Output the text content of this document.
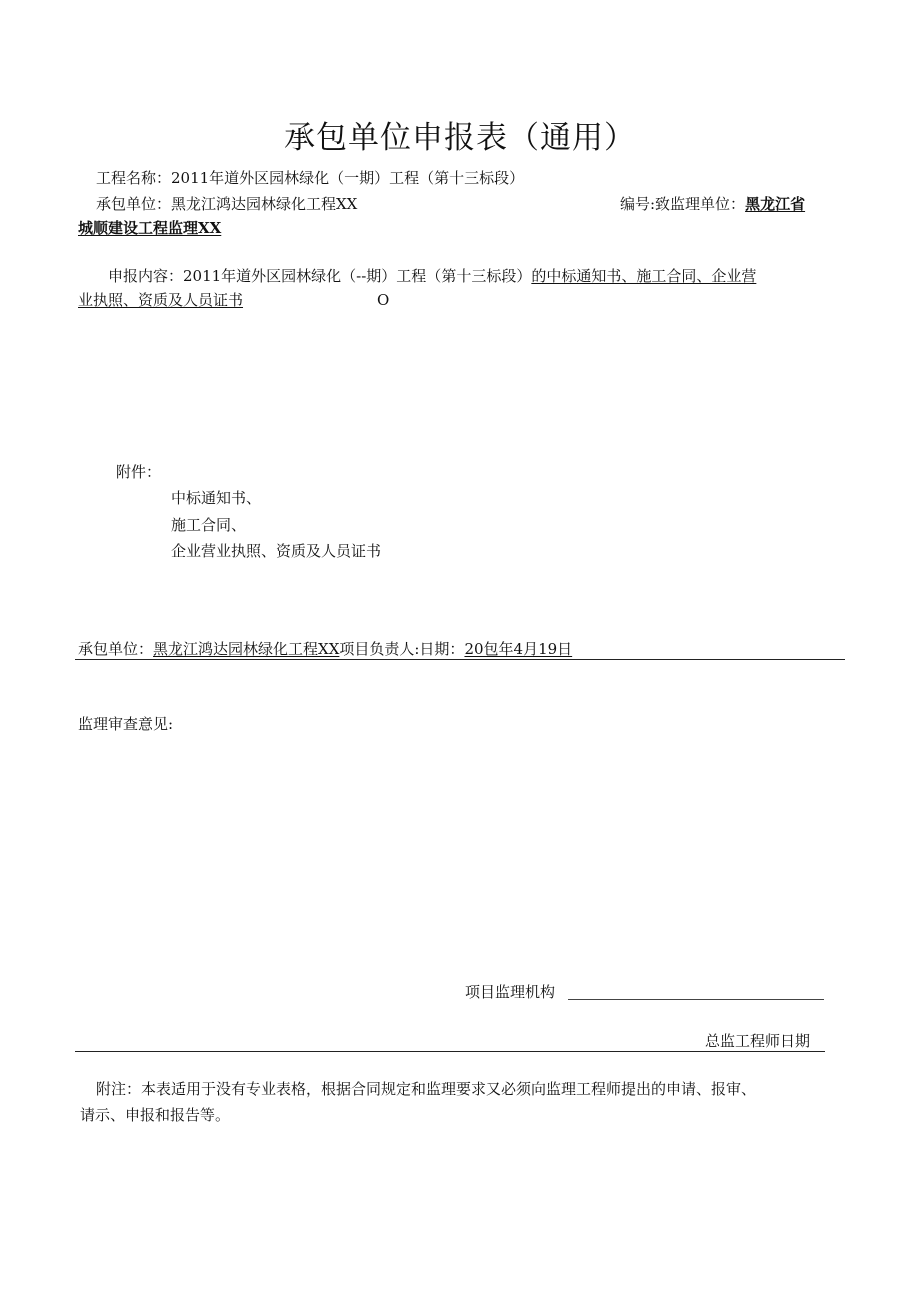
承包单位申报表（通用）
工程名称：2011年道外区园林绿化（一期）工程（第十三标段）
承包单位：黑龙江鸿达园林绿化工程XX	编号:致监理单位：黑龙江省
城顺建设工程监理XX
申报内容：2011年道外区园林绿化（--期）工程（第十三标段）的中标通知书、施工合同、企业营
业执照、资质及人员证书	O
附件：
中标通知书、
施工合同、
企业营业执照、资质及人员证书
承包单位：黑龙江鸿达园林绿化工程XX项目负责人:日期：20包年4月19日
监理审查意见:
项目监理机构
总监工程师日期
附注：本表适用于没有专业表格，根据合同规定和监理要求又必须向监理工程师提出的申请、报审、
请示、申报和报告等。
